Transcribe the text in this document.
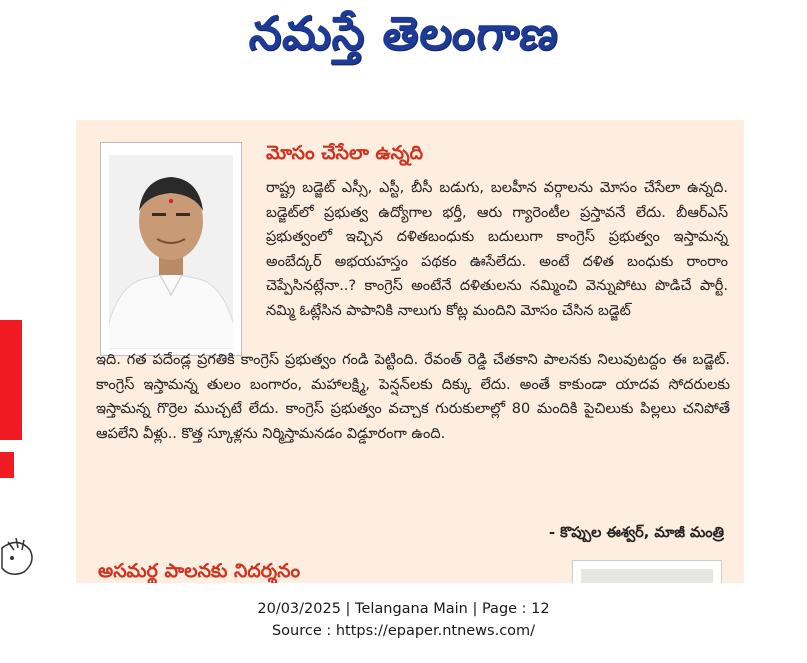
నమస్తే తెలంగాణ
మోసం చేసేలా ఉన్నది
రాష్ట్ర బడ్జెట్ ఎస్సీ, ఎస్టీ, బీసీ బడుగు, బలహీన వర్గాలను మోసం చేసేలా ఉన్నది. బడ్జెట్‌లో ప్రభుత్వ ఉద్యోగాల భర్తీ, ఆరు గ్యారెంటీల ప్రస్తావనే లేదు. బీఆర్ఎస్ ప్రభుత్వంలో ఇచ్చిన దళితబంధుకు బదులుగా కాంగ్రెస్ ప్రభుత్వం ఇస్తామన్న అంబేద్కర్ అభయహస్తం పథకం ఊసేలేదు. అంటే దళిత బంధుకు రాంరాం చెప్పేసినట్లేనా..? కాంగ్రెస్ అంటేనే దళితులను నమ్మించి వెన్నుపోటు పొడిచే పార్టీ. నమ్మి ఓట్లేసిన పాపానికి నాలుగు కోట్ల మందిని మోసం చేసిన బడ్జెట్
ఇది. గత పదేండ్ల ప్రగతికి కాంగ్రెస్ ప్రభుత్వం గండి పెట్టింది. రేవంత్ రెడ్డి చేతకాని పాలనకు నిలువుటద్దం ఈ బడ్జెట్. కాంగ్రెస్ ఇస్తామన్న తులం బంగారం, మహాలక్ష్మి, పెన్షన్‌లకు దిక్కు లేదు. అంతే కాకుండా యాదవ సోదరులకు ఇస్తామన్న గొర్రెల ముచ్చటే లేదు. కాంగ్రెస్ ప్రభుత్వం వచ్చాక గురుకులాల్లో 80 మందికి పైచిలుకు పిల్లలు చనిపోతే ఆపలేని వీళ్లు.. కొత్త స్కూళ్లను నిర్మిస్తామనడం విడ్డూరంగా ఉంది.
- కొప్పుల ఈశ్వర్, మాజీ మంత్రి
అసమర్థ పాలనకు నిదర్శనం
20/03/2025 | Telangana Main | Page : 12
Source : https://epaper.ntnews.com/
